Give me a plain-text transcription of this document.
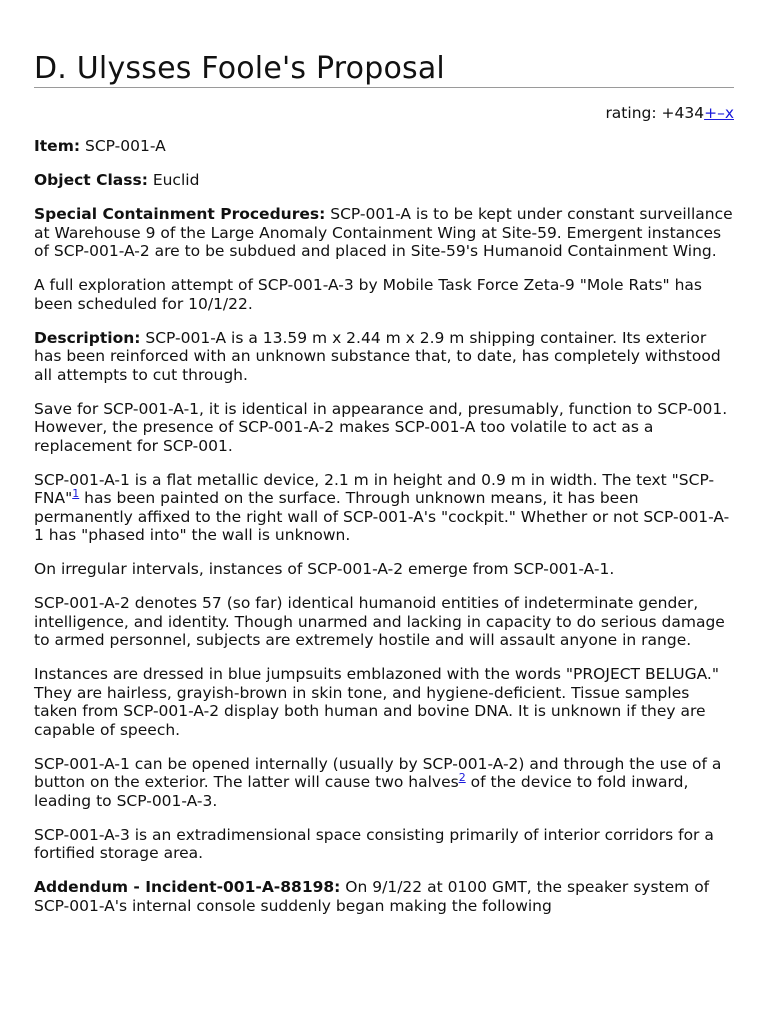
D. Ulysses Foole's Proposal
rating: +434+–x

Item: SCP-001-A

Object Class: Euclid

Special Containment Procedures: SCP-001-A is to be kept under constant surveillance at Warehouse 9 of the Large Anomaly Containment Wing at Site-59. Emergent instances of SCP-001-A-2 are to be subdued and placed in Site-59's Humanoid Containment Wing.

A full exploration attempt of SCP-001-A-3 by Mobile Task Force Zeta-9 "Mole Rats" has been scheduled for 10/1/22.

Description: SCP-001-A is a 13.59 m x 2.44 m x 2.9 m shipping container. Its exterior has been reinforced with an unknown substance that, to date, has completely withstood all attempts to cut through.

Save for SCP-001-A-1, it is identical in appearance and, presumably, function to SCP-001. However, the presence of SCP-001-A-2 makes SCP-001-A too volatile to act as a replacement for SCP-001.

SCP-001-A-1 is a flat metallic device, 2.1 m in height and 0.9 m in width. The text "SCP-FNA"$^1$ has been painted on the surface. Through unknown means, it has been permanently affixed to the right wall of SCP-001-A's "cockpit." Whether or not SCP-001-A-1 has "phased into" the wall is unknown.

On irregular intervals, instances of SCP-001-A-2 emerge from SCP-001-A-1.

SCP-001-A-2 denotes 57 (so far) identical humanoid entities of indeterminate gender, intelligence, and identity. Though unarmed and lacking in capacity to do serious damage to armed personnel, subjects are extremely hostile and will assault anyone in range.

Instances are dressed in blue jumpsuits emblazoned with the words "PROJECT BELUGA." They are hairless, grayish-brown in skin tone, and hygiene-deficient. Tissue samples taken from SCP-001-A-2 display both human and bovine DNA. It is unknown if they are capable of speech.

SCP-001-A-1 can be opened internally (usually by SCP-001-A-2) and through the use of a button on the exterior. The latter will cause two halves$^2$ of the device to fold inward, leading to SCP-001-A-3.

SCP-001-A-3 is an extradimensional space consisting primarily of interior corridors for a fortified storage area.

Addendum - Incident-001-A-88198: On 9/1/22 at 0100 GMT, the speaker system of SCP-001-A's internal console suddenly began making the following
